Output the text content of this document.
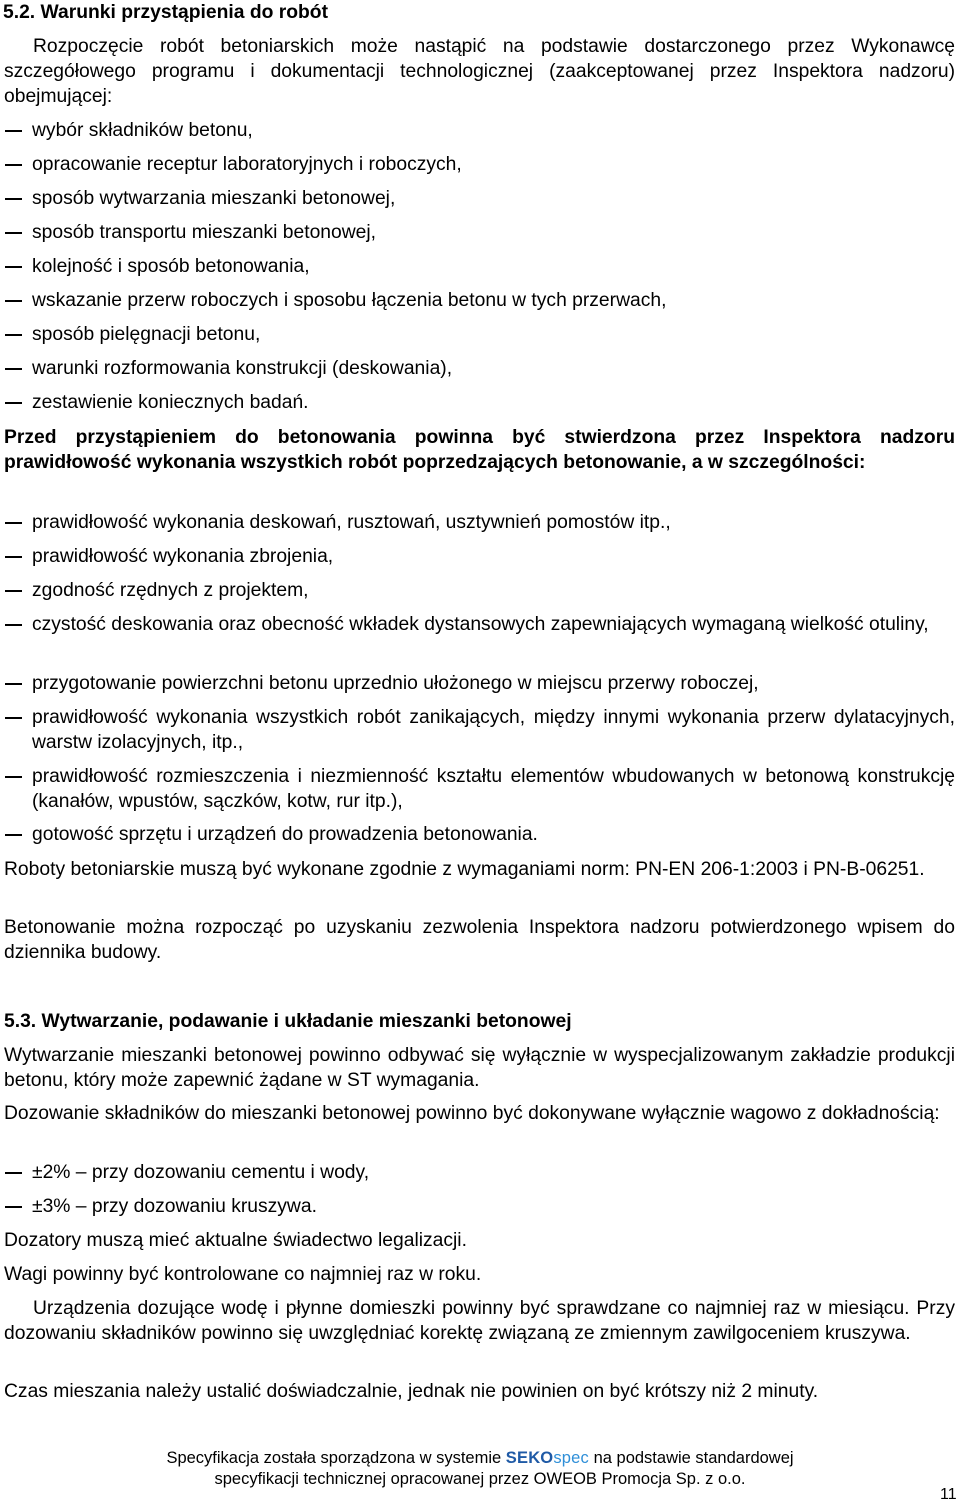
5.2. Warunki przystąpienia do robót

Rozpoczęcie robót betoniarskich może nastąpić na podstawie dostarczonego przez Wykonawcę szczegółowego programu i dokumentacji technologicznej (zaakceptowanej przez Inspektora nadzoru) obejmującej:

wybór składników betonu,
opracowanie receptur laboratoryjnych i roboczych,
sposób wytwarzania mieszanki betonowej,
sposób transportu mieszanki betonowej,
kolejność i sposób betonowania,
wskazanie przerw roboczych i sposobu łączenia betonu w tych przerwach,
sposób pielęgnacji betonu,
warunki rozformowania konstrukcji (deskowania),
zestawienie koniecznych badań.

Przed przystąpieniem do betonowania powinna być stwierdzona przez Inspektora nadzoru prawidłowość wykonania wszystkich robót poprzedzających betonowanie, a w szczególności:

prawidłowość wykonania deskowań, rusztowań, usztywnień pomostów itp.,
prawidłowość wykonania zbrojenia,
zgodność rzędnych z projektem,
czystość deskowania oraz obecność wkładek dystansowych zapewniających wymaganą wielkość otuliny,
przygotowanie powierzchni betonu uprzednio ułożonego w miejscu przerwy roboczej,
prawidłowość wykonania wszystkich robót zanikających, między innymi wykonania przerw dylatacyjnych, warstw izolacyjnych, itp.,
prawidłowość rozmieszczenia i niezmienność kształtu elementów wbudowanych w betonową konstrukcję (kanałów, wpustów, sączków, kotw, rur itp.),
gotowość sprzętu i urządzeń do prowadzenia betonowania.

Roboty betoniarskie muszą być wykonane zgodnie z wymaganiami norm: PN-EN 206-1:2003 i PN-B-06251.

Betonowanie można rozpocząć po uzyskaniu zezwolenia Inspektora nadzoru potwierdzonego wpisem do dziennika budowy.

5.3. Wytwarzanie, podawanie i układanie mieszanki betonowej

Wytwarzanie mieszanki betonowej powinno odbywać się wyłącznie w wyspecjalizowanym zakładzie produkcji betonu, który może zapewnić żądane w ST wymagania.

Dozowanie składników do mieszanki betonowej powinno być dokonywane wyłącznie wagowo z dokładnością:

±2% – przy dozowaniu cementu i wody,
±3% – przy dozowaniu kruszywa.

Dozatory muszą mieć aktualne świadectwo legalizacji.

Wagi powinny być kontrolowane co najmniej raz w roku.

Urządzenia dozujące wodę i płynne domieszki powinny być sprawdzane co najmniej raz w miesiącu. Przy dozowaniu składników powinno się uwzględniać korektę związaną ze zmiennym zawilgoceniem kruszywa.

Czas mieszania należy ustalić doświadczalnie, jednak nie powinien on być krótszy niż 2 minuty.

Specyfikacja została sporządzona w systemie SEKOspec na podstawie standardowej
specyfikacji technicznej opracowanej przez OWEOB Promocja Sp. z o.o.
11
